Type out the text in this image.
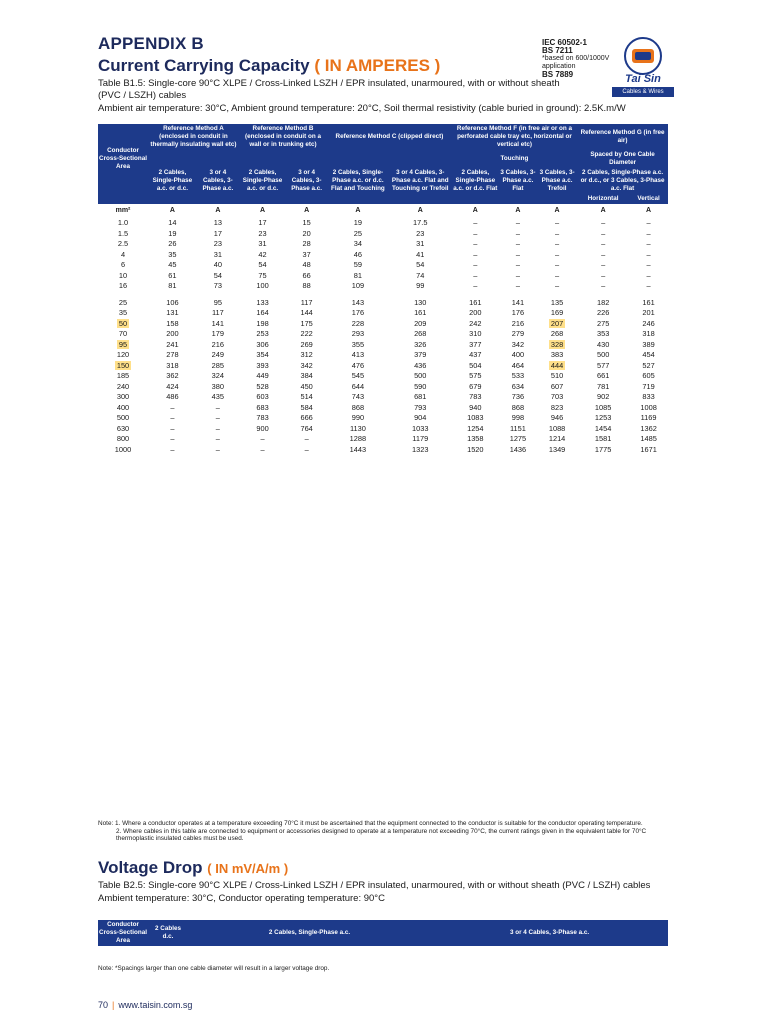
APPENDIX B
Current Carrying Capacity ( IN AMPERES )
Table B1.5: Single-core 90°C XLPE / Cross-Linked LSZH / EPR insulated, unarmoured, with or without sheath (PVC / LSZH) cables
Ambient air temperature: 30°C, Ambient ground temperature: 20°C, Soil thermal resistivity (cable buried in ground): 2.5K.m/W
IEC 60502-1
BS 7211
*based on 600/1000V application
BS 7889	Tai Sin
Cables & Wires
Conductor Cross-Sectional Area	Reference Method A (enclosed in conduit in thermally insulating wall etc)		Reference Method B (enclosed in conduit on a wall or in trunking etc)		Reference Method C (clipped direct)		Reference Method F (in free air or on a perforated cable tray etc, horizontal or vertical etc)			Reference Method G (in free air)	
							Touching			Spaced by One Cable Diameter	
	2 Cables, Single-Phase a.c. or d.c.	3 or 4 Cables, 3-Phase a.c.	2 Cables, Single-Phase a.c. or d.c.	3 or 4 Cables, 3-Phase a.c.	2 Cables, Single-Phase a.c. or d.c. Flat and Touching	3 or 4 Cables, 3-Phase a.c. Flat and Touching or Trefoil	2 Cables, Single-Phase a.c. or d.c. Flat	3 Cables, 3-Phase a.c. Flat	3 Cables, 3-Phase a.c. Trefoil	2 Cables, Single-Phase a.c. or d.c., or 3 Cables, 3-Phase a.c. Flat	
										Horizontal	Vertical
mm²	A	A	A	A	A	A	A	A	A	A	A
1.0	14	13	17	15	19	17.5	–	–	–	–	–
1.5	19	17	23	20	25	23	–	–	–	–	–
2.5	26	23	31	28	34	31	–	–	–	–	–
4	35	31	42	37	46	41	–	–	–	–	–
6	45	40	54	48	59	54	–	–	–	–	–
10	61	54	75	66	81	74	–	–	–	–	–
16	81	73	100	88	109	99	–	–	–	–	–

25	106	95	133	117	143	130	161	141	135	182	161
35	131	117	164	144	176	161	200	176	169	226	201
50	158	141	198	175	228	209	242	216	207	275	246
70	200	179	253	222	293	268	310	279	268	353	318
95	241	216	306	269	355	326	377	342	328	430	389
120	278	249	354	312	413	379	437	400	383	500	454
150	318	285	393	342	476	436	504	464	444	577	527
185	362	324	449	384	545	500	575	533	510	661	605
240	424	380	528	450	644	590	679	634	607	781	719
300	486	435	603	514	743	681	783	736	703	902	833
400	–	–	683	584	868	793	940	868	823	1085	1008
500	–	–	783	666	990	904	1083	998	946	1253	1169
630	–	–	900	764	1130	1033	1254	1151	1088	1454	1362
800	–	–	–	–	1288	1179	1358	1275	1214	1581	1485
1000	–	–	–	–	1443	1323	1520	1436	1349	1775	1671
Note: 1. Where a conductor operates at a temperature exceeding 70°C it must be ascertained that the equipment connected to the conductor is suitable for the conductor operating temperature.
2. Where cables in this table are connected to equipment or accessories designed to operate at a temperature not exceeding 70°C, the current ratings given in the equivalent table for 70°C thermoplastic insulated cables must be used.
Voltage Drop ( IN mV/A/m )
Table B2.5: Single-core 90°C XLPE / Cross-Linked LSZH / EPR insulated, unarmoured, with or without sheath (PVC / LSZH) cables
Ambient temperature: 30°C, Conductor operating temperature: 90°C
Conductor Cross-Sectional Area	2 Cables d.c.	2 Cables, Single-Phase a.c.	3 or 4 Cables, 3-Phase a.c.
Note: *Spacings larger than one cable diameter will result in a larger voltage drop.
70 | www.taisin.com.sg
